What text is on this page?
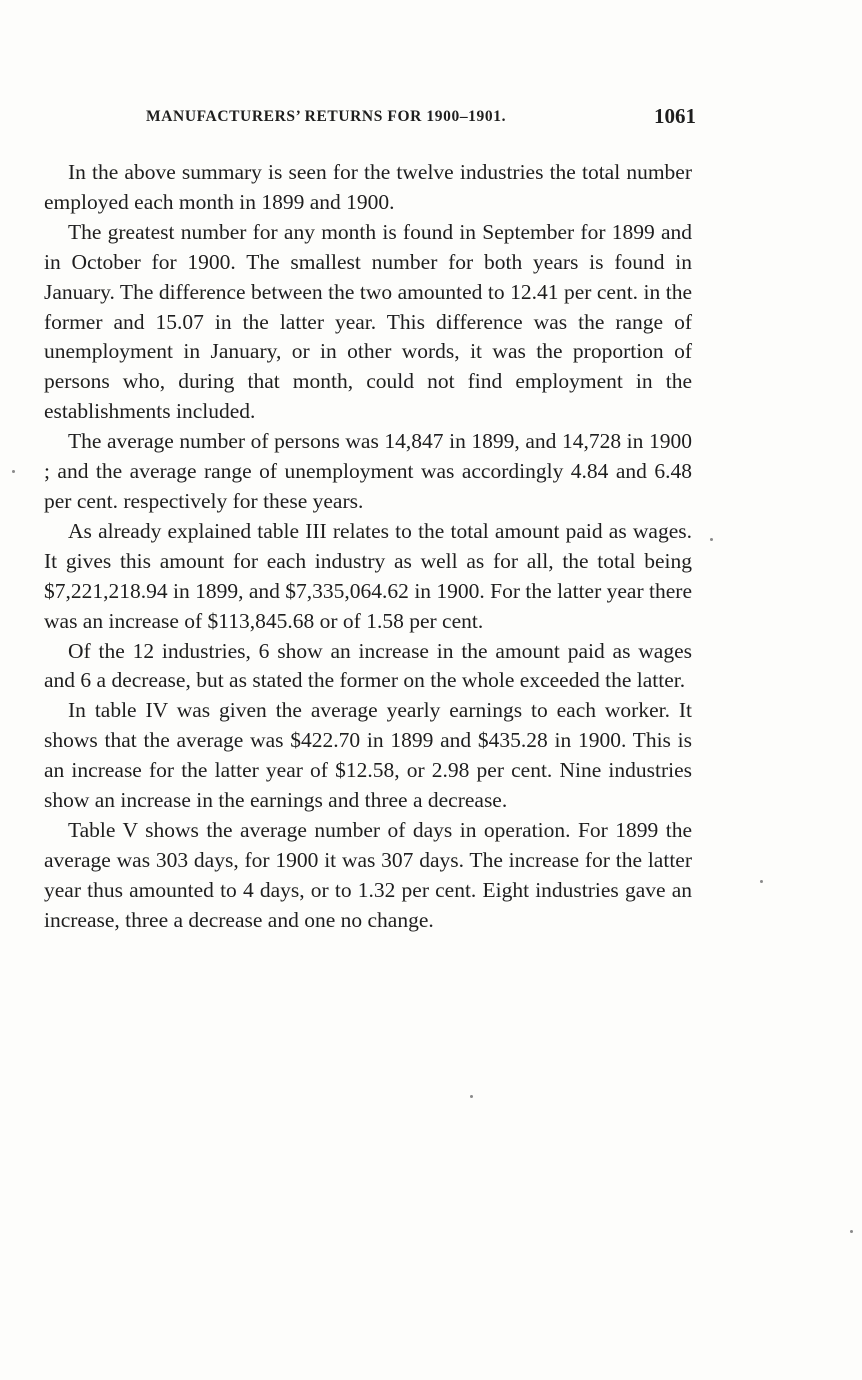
MANUFACTURERS’ RETURNS FOR 1900–1901.	1061

In the above summary is seen for the twelve industries the total number employed each month in 1899 and 1900.

The greatest number for any month is found in September for 1899 and in October for 1900. The smallest number for both years is found in January. The difference between the two amounted to 12.41 per cent. in the former and 15.07 in the latter year. This difference was the range of unemployment in January, or in other words, it was the proportion of persons who, during that month, could not find employment in the establishments included.

The average number of persons was 14,847 in 1899, and 14,728 in 1900 ; and the average range of unemployment was accordingly 4.84 and 6.48 per cent. respectively for these years.

As already explained table III relates to the total amount paid as wages. It gives this amount for each industry as well as for all, the total being $7,221,218.94 in 1899, and $7,335,064.62 in 1900. For the latter year there was an increase of $113,845.68 or of 1.58 per cent.

Of the 12 industries, 6 show an increase in the amount paid as wages and 6 a decrease, but as stated the former on the whole exceeded the latter.

In table IV was given the average yearly earnings to each worker. It shows that the average was $422.70 in 1899 and $435.28 in 1900. This is an increase for the latter year of $12.58, or 2.98 per cent. Nine industries show an increase in the earnings and three a decrease.

Table V shows the average number of days in operation. For 1899 the average was 303 days, for 1900 it was 307 days. The increase for the latter year thus amounted to 4 days, or to 1.32 per cent. Eight industries gave an increase, three a decrease and one no change.
